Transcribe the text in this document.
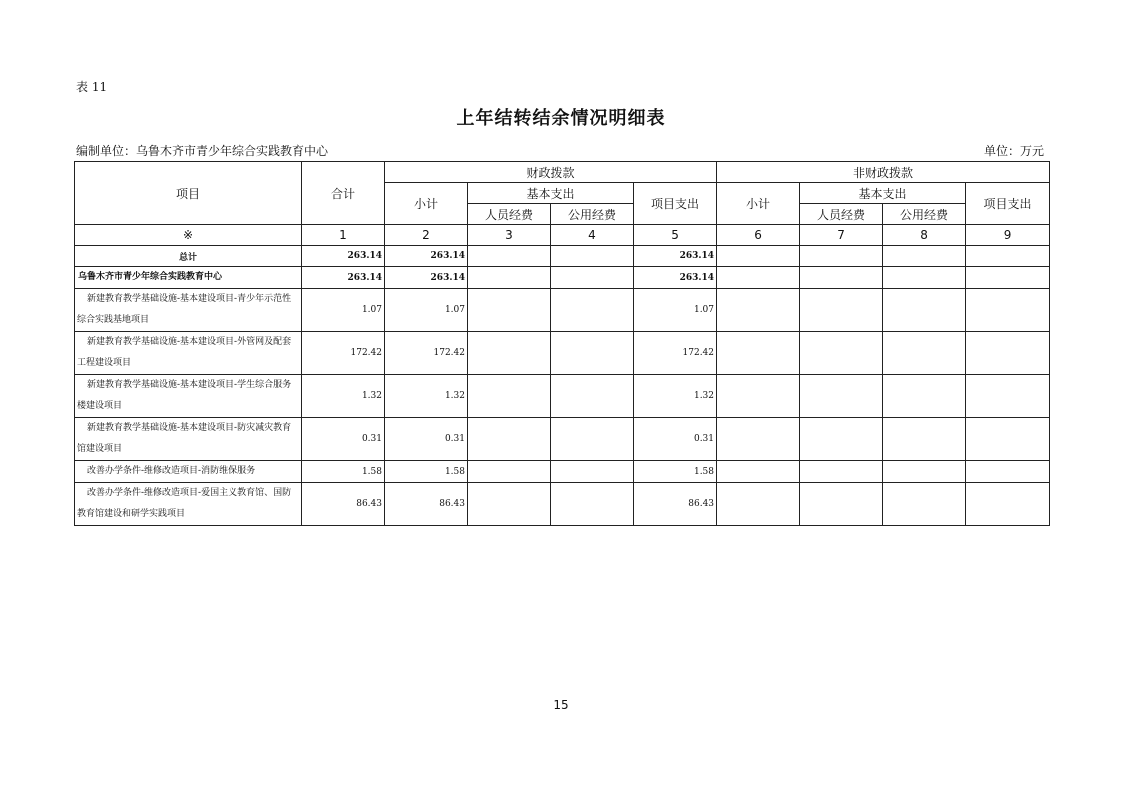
表 11
上年结转结余情况明细表
编制单位：乌鲁木齐市青少年综合实践教育中心	单位：万元
项目	合计	财政拨款				非财政拨款			
		小计	基本支出		项目支出	小计	基本支出		项目支出
			人员经费	公用经费			人员经费	公用经费	
※	1	2	3	4	5	6	7	8	9
总计	263.14	263.14			263.14				
乌鲁木齐市青少年综合实践教育中心	263.14	263.14			263.14				
新建教育教学基础设施-基本建设项目-青少年示范性综合实践基地项目	1.07	1.07			1.07				
新建教育教学基础设施-基本建设项目-外管网及配套工程建设项目	172.42	172.42			172.42				
新建教育教学基础设施-基本建设项目-学生综合服务楼建设项目	1.32	1.32			1.32				
新建教育教学基础设施-基本建设项目-防灾减灾教育馆建设项目	0.31	0.31			0.31				
改善办学条件-维修改造项目-消防维保服务	1.58	1.58			1.58				
改善办学条件-维修改造项目-爱国主义教育馆、国防教育馆建设和研学实践项目	86.43	86.43			86.43				
15
